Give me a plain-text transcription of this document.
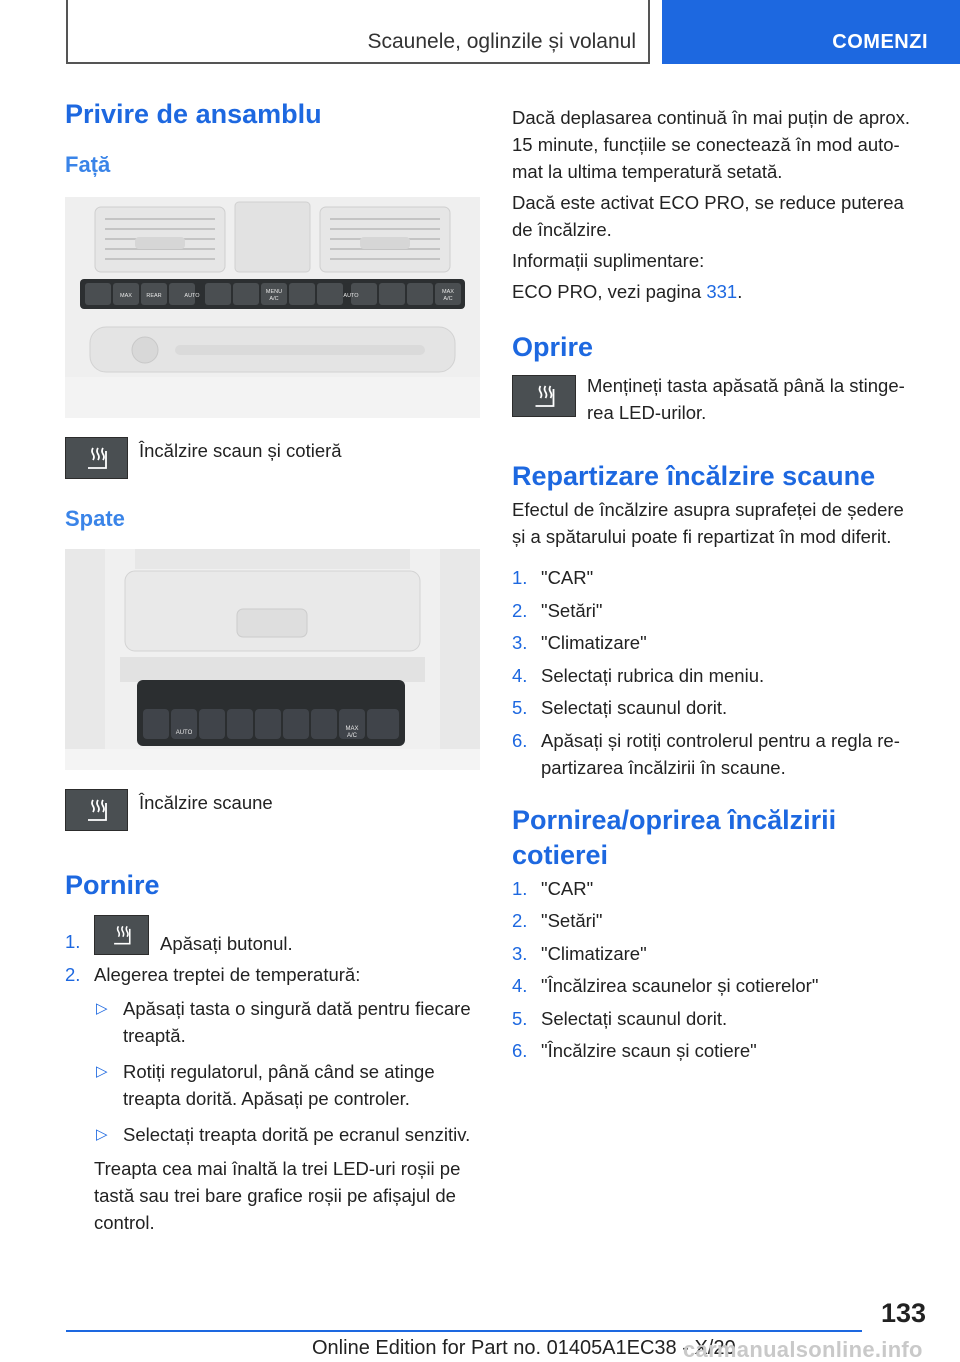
Scaunele, oglinzile și volanul	COMENZI
Privire de ansamblu
Față
MAX	REAR	AUTO
MENU
A/C	AUTO
MAX
A/C
Încălzire scaun și cotieră
Spate
AUTO
MAX
A/C
Încălzire scaune
Pornire
1.	Apăsați butonul.
2. Alegerea treptei de temperatură:
▷ Apăsați tasta o singură dată pentru fiecare treaptă.
▷ Rotiți regulatorul, până când se atinge treapta dorită. Apăsați pe controler.
▷ Selectați treapta dorită pe ecranul senzitiv.

Treapta cea mai înaltă la trei LED-uri roșii pe tastă sau trei bare grafice roșii pe afișajul de control.

Dacă deplasarea continuă în mai puțin de aprox. 15 minute, funcțiile se conectează în mod automat la ultima temperatură setată.

Dacă este activat ECO PRO, se reduce puterea de încălzire.

Informații suplimentare:

ECO PRO, vezi pagina 331.

Oprire
Mențineți tasta apăsată până la stingerea LED-urilor.
Repartizare încălzire scaune

Efectul de încălzire asupra suprafeței de ședere și a spătarului poate fi repartizat în mod diferit.

1. "CAR"
2. "Setări"
3. "Climatizare"
4. Selectați rubrica din meniu.
5. Selectați scaunul dorit.
6. Apăsați și rotiți controlerul pentru a regla repartizarea încălzirii în scaune.
Pornirea/oprirea încălzirii cotierei
1. "CAR"
2. "Setări"
3. "Climatizare"
4. "Încălzirea scaunelor și cotierelor"
5. Selectați scaunul dorit.
6. "Încălzire scaun și cotiere"
133
Online Edition for Part no. 01405A1EC38 - X/20
carmanualsonline.info
